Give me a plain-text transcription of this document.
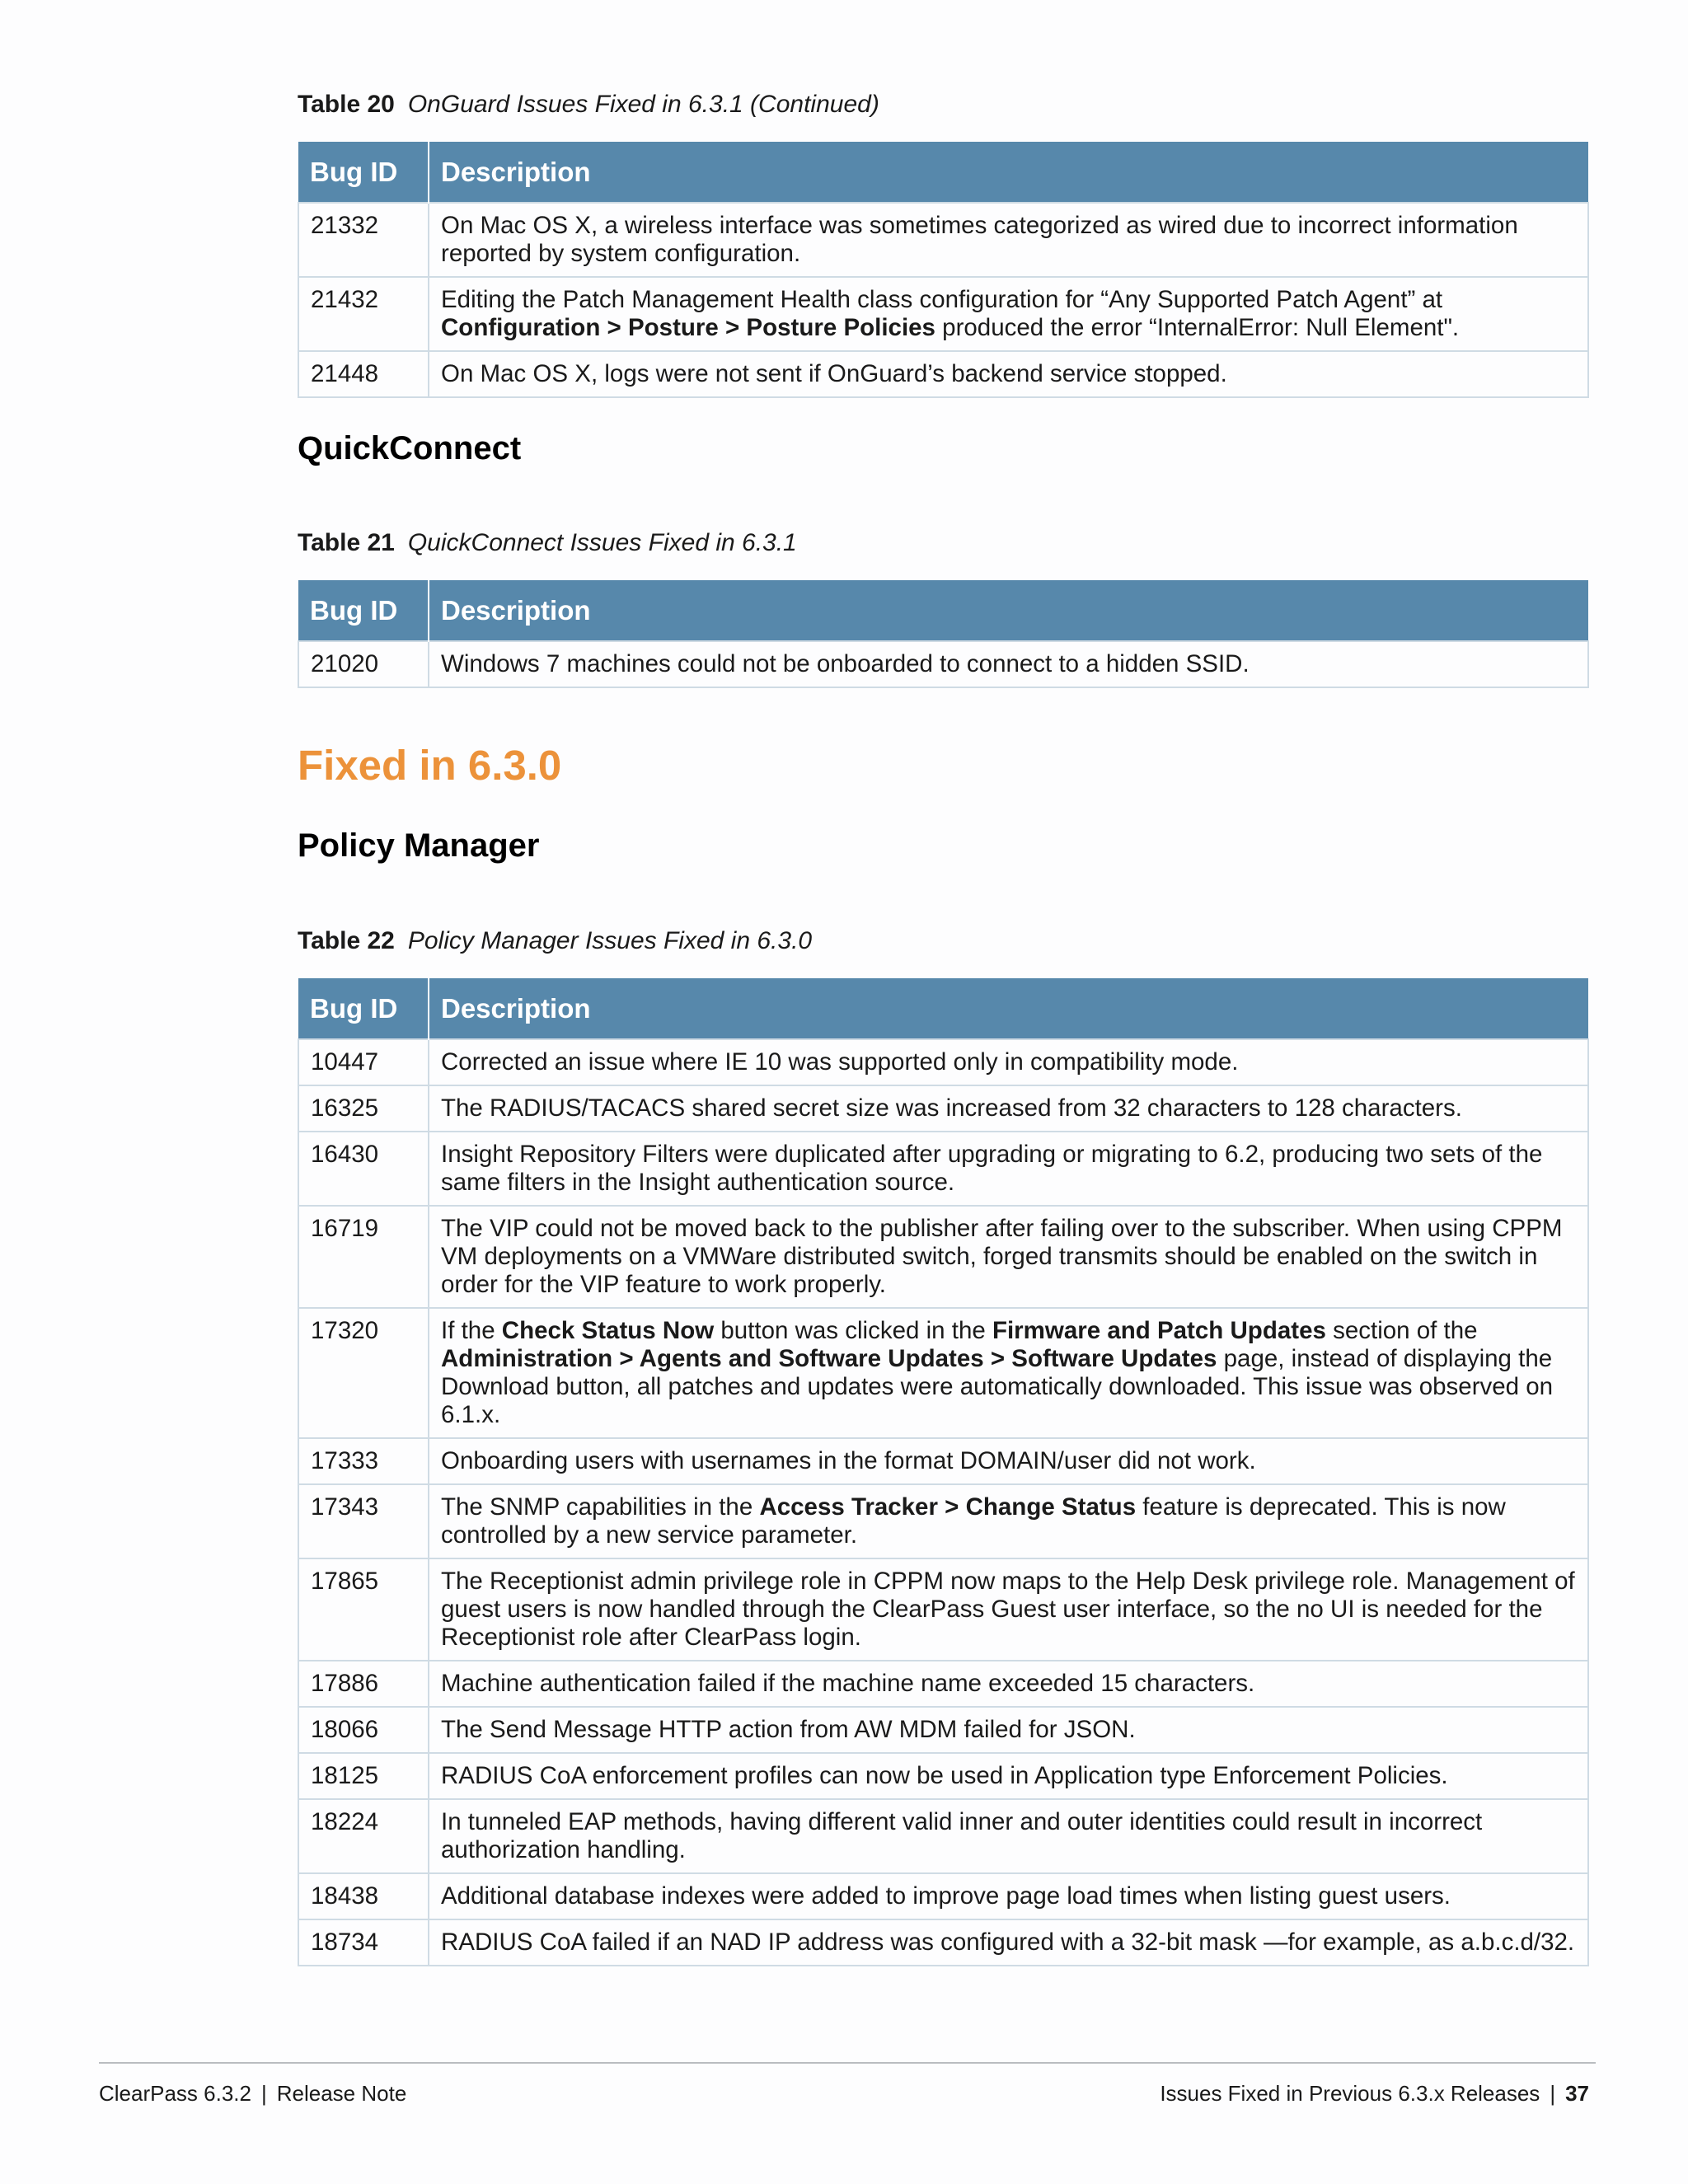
Table 20 OnGuard Issues Fixed in 6.3.1 (Continued)
Bug ID	Description
21332	On Mac OS X, a wireless interface was sometimes categorized as wired due to incorrect information reported by system configuration.
21432	Editing the Patch Management Health class configuration for “Any Supported Patch Agent” at Configuration > Posture > Posture Policies produced the error “InternalError: Null Element".
21448	On Mac OS X, logs were not sent if OnGuard’s backend service stopped.
QuickConnect
Table 21 QuickConnect Issues Fixed in 6.3.1
Bug ID	Description
21020	Windows 7 machines could not be onboarded to connect to a hidden SSID.
Fixed in 6.3.0
Policy Manager
Table 22 Policy Manager Issues Fixed in 6.3.0
Bug ID	Description
10447	Corrected an issue where IE 10 was supported only in compatibility mode.
16325	The RADIUS/TACACS shared secret size was increased from 32 characters to 128 characters.
16430	Insight Repository Filters were duplicated after upgrading or migrating to 6.2, producing two sets of the same filters in the Insight authentication source.
16719	The VIP could not be moved back to the publisher after failing over to the subscriber. When using CPPM VM deployments on a VMWare distributed switch, forged transmits should be enabled on the switch in order for the VIP feature to work properly.
17320	If the Check Status Now button was clicked in the Firmware and Patch Updates section of the Administration > Agents and Software Updates > Software Updates page, instead of displaying the Download button, all patches and updates were automatically downloaded. This issue was observed on 6.1.x.
17333	Onboarding users with usernames in the format DOMAIN/user did not work.
17343	The SNMP capabilities in the Access Tracker > Change Status feature is deprecated. This is now controlled by a new service parameter.
17865	The Receptionist admin privilege role in CPPM now maps to the Help Desk privilege role. Management of guest users is now handled through the ClearPass Guest user interface, so the no UI is needed for the Receptionist role after ClearPass login.
17886	Machine authentication failed if the machine name exceeded 15 characters.
18066	The Send Message HTTP action from AW MDM failed for JSON.
18125	RADIUS CoA enforcement profiles can now be used in Application type Enforcement Policies.
18224	In tunneled EAP methods, having different valid inner and outer identities could result in incorrect authorization handling.
18438	Additional database indexes were added to improve page load times when listing guest users.
18734	RADIUS CoA failed if an NAD IP address was configured with a 32-bit mask —for example, as a.b.c.d/32.
ClearPass 6.3.2 | Release Note	Issues Fixed in Previous 6.3.x Releases | 37
